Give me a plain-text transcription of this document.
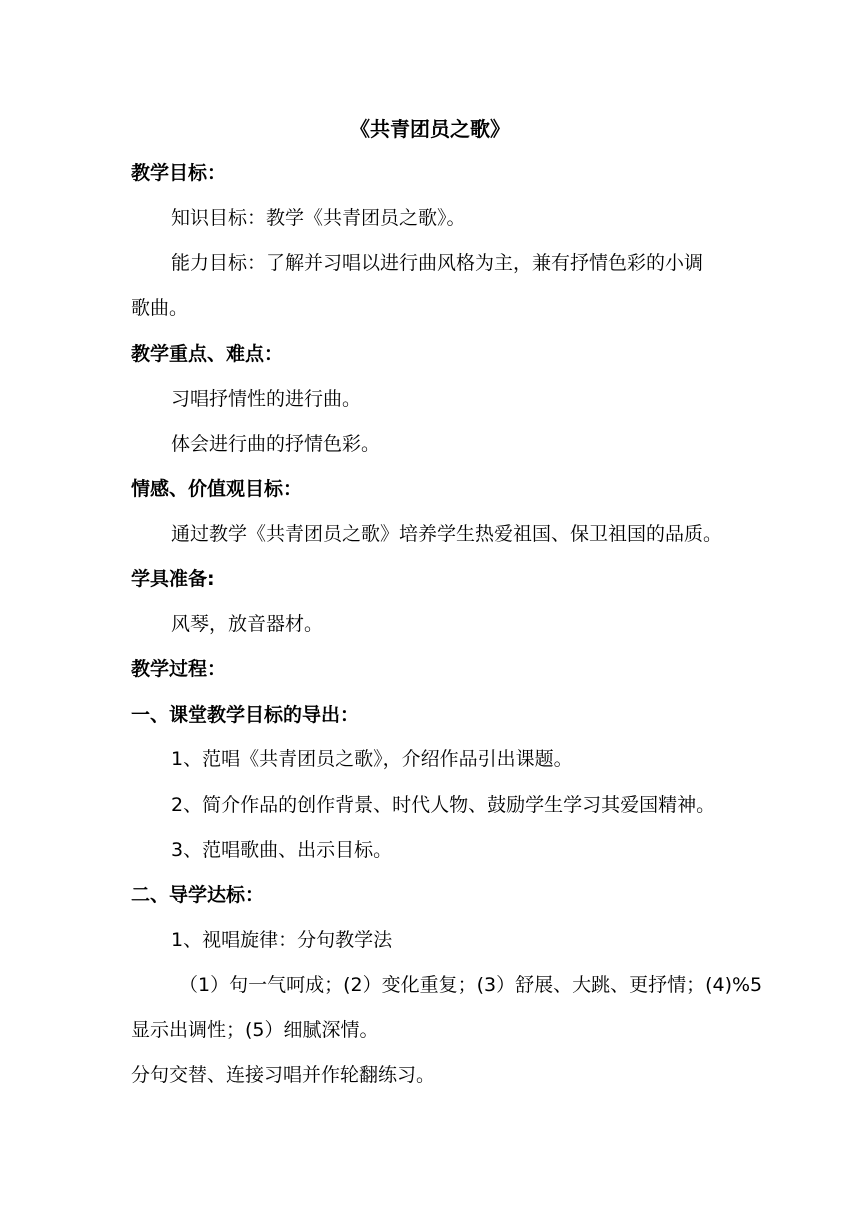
《共青团员之歌》
教学目标：
知识目标：教学《共青团员之歌》。
能力目标：了解并习唱以进行曲风格为主，兼有抒情色彩的小调
歌曲。
教学重点、难点：
习唱抒情性的进行曲。
体会进行曲的抒情色彩。
情感、价值观目标：
通过教学《共青团员之歌》培养学生热爱祖国、保卫祖国的品质。
学具准备:
风琴，放音器材。
教学过程：
一、课堂教学目标的导出：
1、范唱《共青团员之歌》，介绍作品引出课题。
2、简介作品的创作背景、时代人物、鼓励学生学习其爱国精神。
3、范唱歌曲、出示目标。
二、导学达标：
1、视唱旋律：分句教学法
（1）句一气呵成；(2）变化重复；(3）舒展、大跳、更抒情；(4)%5
显示出调性；(5）细腻深情。
分句交替、连接习唱并作轮翻练习。
